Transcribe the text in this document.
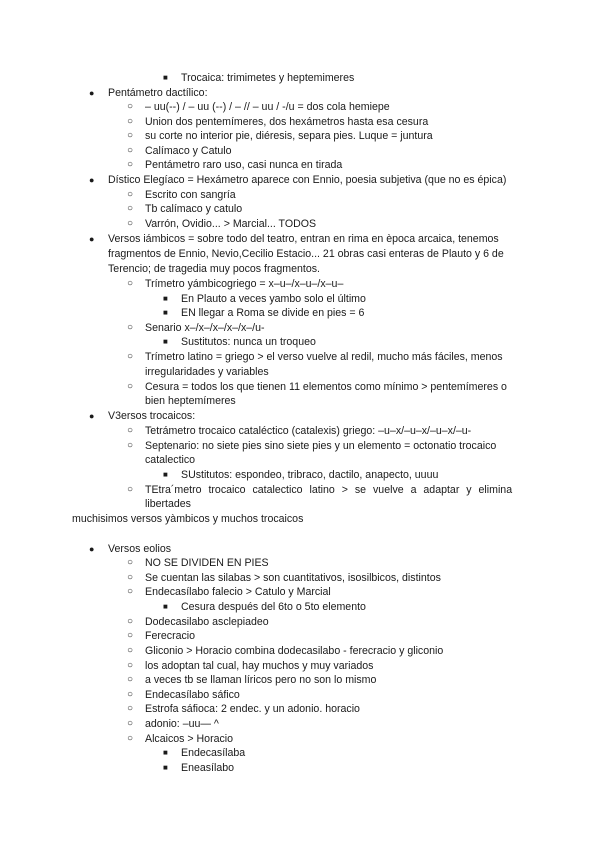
■ Trocaica: trimimetes y heptemimeres
● Pentámetro dactílico:
○ – uu(--) / – uu (--) / – // – uu / -/u = dos cola hemiepe
○ Union dos pentemímeres, dos hexámetros hasta esa cesura
○ su corte no interior pie, diéresis, separa pies. Luque = juntura
○ Calímaco y Catulo
○ Pentámetro raro uso, casi nunca en tirada
● Dístico Elegíaco = Hexámetro aparece con Ennio, poesia subjetiva (que no es épica)
○ Escrito con sangría
○ Tb calímaco y catulo
○ Varrón, Ovidio... > Marcial... TODOS
● Versos iámbicos = sobre todo del teatro, entran en rima en època arcaica, tenemos
fragmentos de Ennio, Nevio,Cecilio Estacio... 21 obras casi enteras de Plauto y 6 de
Terencio; de tragedia muy pocos fragmentos.
○ Trímetro yámbicogriego = x–u–/x–u–/x–u–
■ En Plauto a veces yambo solo el último
■ EN llegar a Roma se divide en pies = 6
○ Senario x–/x–/x–/x–/x–/u-
■ Sustitutos: nunca un troqueo
○ Trímetro latino = griego > el verso vuelve al redil, mucho más fáciles, menos
irregularidades y variables
○ Cesura = todos los que tienen 11 elementos como mínimo > pentemímeres o
bien heptemímeres
● V3ersos trocaicos:
○ Tetrámetro trocaico cataléctico (catalexis) griego: –u–x/–u–x/–u–x/–u-
○ Septenario: no siete pies sino siete pies y un elemento = octonatio trocaico
catalectico
■ SUstitutos: espondeo, tribraco, dactilo, anapecto, uuuu
○ TEtra´metro trocaico catalectico latino > se vuelve a adaptar y elimina
libertades
muchisimos versos yàmbicos y muchos trocaicos
● Versos eolios
○ NO SE DIVIDEN EN PIES
○ Se cuentan las silabas > son cuantitativos, isosilbicos, distintos
○ Endecasílabo falecio > Catulo y Marcial
■ Cesura después del 6to o 5to elemento
○ Dodecasilabo asclepiadeo
○ Ferecracio
○ Gliconio > Horacio combina dodecasilabo - ferecracio y gliconio
○ los adoptan tal cual, hay muchos y muy variados
○ a veces tb se llaman líricos pero no son lo mismo
○ Endecasílabo sáfico
○ Estrofa sáfioca: 2 endec. y un adonio. horacio
○ adonio: –uu— ^
○ Alcaicos > Horacio
■ Endecasílaba
■ Eneasílabo
